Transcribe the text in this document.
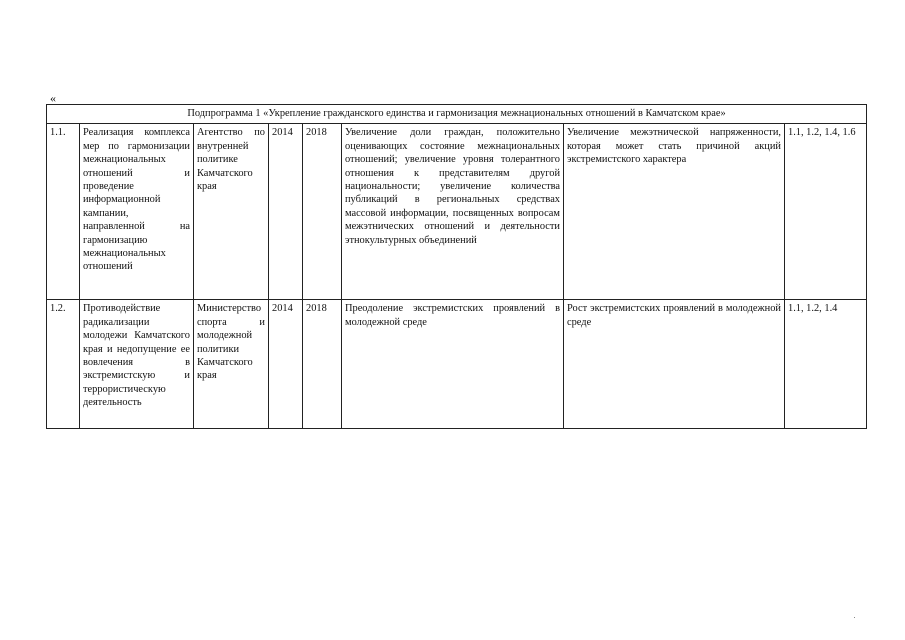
«
Подпрограмма 1 «Укрепление гражданского единства и гармонизация межнациональных отношений в Камчатском крае»							
1.1.	Реализация комплекса мер по гармонизации межнациональных отношений и проведение информационной кампании, направленной на гармонизацию межнациональных отношений	Агентство по внутренней политике Камчатского края	2014	2018	Увеличение доли граждан, положительно оценивающих состояние межнациональных отношений; увеличение уровня толерантного отношения к представителям другой национальности; увеличение количества публикаций в региональных средствах массовой информации, посвященных вопросам межэтнических отношений и деятельности этнокультурных объединений	Увеличение межэтнической напряженности, которая может стать причиной акций экстремистского характера	1.1, 1.2, 1.4, 1.6
1.2.	Противодействие радикализации молодежи Камчатского края и недопущение ее вовлечения в экстремистскую и террористическую деятельность	Министерство спорта и молодежной политики Камчатского края	2014	2018	Преодоление экстремистских проявлений в молодежной среде	Рост экстремистских проявлений в молодежной среде	1.1, 1.2, 1.4
